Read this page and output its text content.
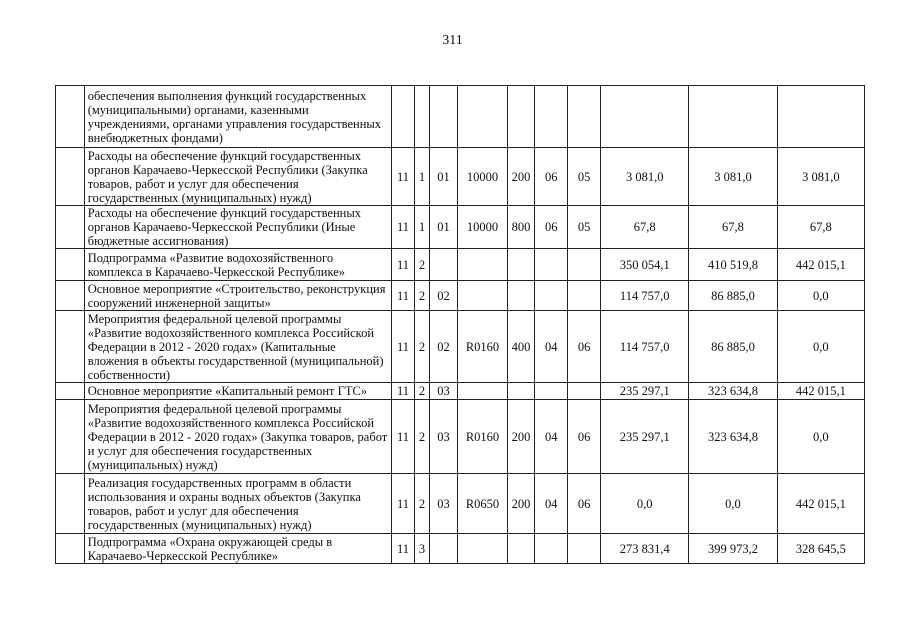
311
	обеспечения выполнения функций государственных (муниципальными) органами, казенными учреждениями, органами управления государственных внебюджетных фондами)										
	Расходы на обеспечение функций государственных органов Карачаево-Черкесской Республики (Закупка товаров, работ и услуг для обеспечения государственных (муниципальных) нужд)	11	1	01	10000	200	06	05	3 081,0	3 081,0	3 081,0
	Расходы на обеспечение функций государственных органов Карачаево-Черкесской Республики (Иные бюджетные ассигнования)	11	1	01	10000	800	06	05	67,8	67,8	67,8
	Подпрограмма «Развитие водохозяйственного комплекса в Карачаево-Черкесской Республике»	11	2						350 054,1	410 519,8	442 015,1
	Основное мероприятие «Строительство, реконструкция сооружений инженерной защиты»	11	2	02					114 757,0	86 885,0	0,0
	Мероприятия федеральной целевой программы «Развитие водохозяйственного комплекса Российской Федерации в 2012 - 2020 годах» (Капитальные вложения в объекты государственной (муниципальной) собственности)	11	2	02	R0160	400	04	06	114 757,0	86 885,0	0,0
	Основное мероприятие «Капитальный ремонт ГТС»	11	2	03					235 297,1	323 634,8	442 015,1
	Мероприятия федеральной целевой программы «Развитие водохозяйственного комплекса Российской Федерации в 2012 - 2020 годах» (Закупка товаров, работ и услуг для обеспечения государственных (муниципальных) нужд)	11	2	03	R0160	200	04	06	235 297,1	323 634,8	0,0
	Реализация государственных программ в области использования и охраны водных объектов (Закупка товаров, работ и услуг для обеспечения государственных (муниципальных) нужд)	11	2	03	R0650	200	04	06	0,0	0,0	442 015,1
	Подпрограмма «Охрана окружающей среды в Карачаево-Черкесской Республике»	11	3						273 831,4	399 973,2	328 645,5
